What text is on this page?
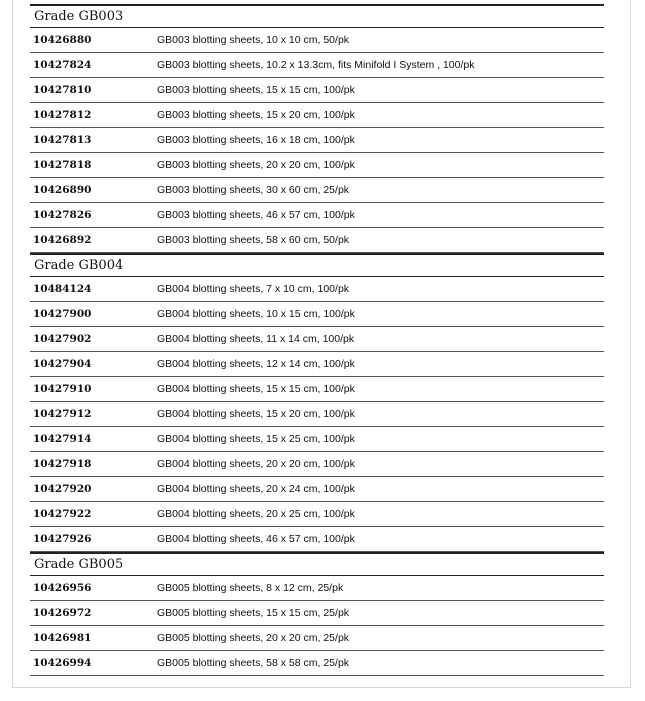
Grade GB003
10426880	GB003 blotting sheets, 10 x 10 cm, 50/pk
10427824	GB003 blotting sheets, 10.2 x 13.3cm, fits Minifold I System , 100/pk
10427810	GB003 blotting sheets, 15 x 15 cm, 100/pk
10427812	GB003 blotting sheets, 15 x 20 cm, 100/pk
10427813	GB003 blotting sheets, 16 x 18 cm, 100/pk
10427818	GB003 blotting sheets, 20 x 20 cm, 100/pk
10426890	GB003 blotting sheets, 30 x 60 cm, 25/pk
10427826	GB003 blotting sheets, 46 x 57 cm, 100/pk
10426892	GB003 blotting sheets, 58 x 60 cm, 50/pk
Grade GB004
10484124	GB004 blotting sheets, 7 x 10 cm, 100/pk
10427900	GB004 blotting sheets, 10 x 15 cm, 100/pk
10427902	GB004 blotting sheets, 11 x 14 cm, 100/pk
10427904	GB004 blotting sheets, 12 x 14 cm, 100/pk
10427910	GB004 blotting sheets, 15 x 15 cm, 100/pk
10427912	GB004 blotting sheets, 15 x 20 cm, 100/pk
10427914	GB004 blotting sheets, 15 x 25 cm, 100/pk
10427918	GB004 blotting sheets, 20 x 20 cm, 100/pk
10427920	GB004 blotting sheets, 20 x 24 cm, 100/pk
10427922	GB004 blotting sheets, 20 x 25 cm, 100/pk
10427926	GB004 blotting sheets, 46 x 57 cm, 100/pk
Grade GB005
10426956	GB005 blotting sheets, 8 x 12 cm, 25/pk
10426972	GB005 blotting sheets, 15 x 15 cm, 25/pk
10426981	GB005 blotting sheets, 20 x 20 cm, 25/pk
10426994	GB005 blotting sheets, 58 x 58 cm, 25/pk
